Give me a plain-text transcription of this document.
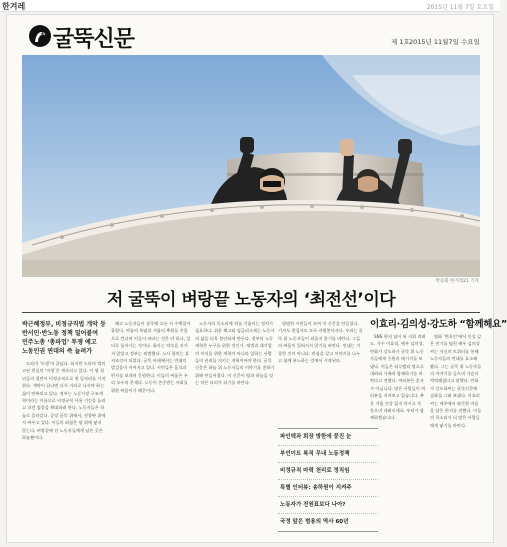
한겨레	2015년 11월 7일 토요일
굴뚝신문	제 1호 2015년 11월7일 수요일
박승화 한겨레21 기자
저 굴뚝이 벼랑끝 노동자의 ‘최전선’이다
박근혜정부, 비정규직법 개악 등
반서민·반노동 정책 밀어붙여
민주노총 ‘총파업’ 투쟁 예고
노동인권 연대의 즉 늘려가

드라마 ‘미생’이 끝났다. 하지만 드라마 밖의 고된 현실의 ‘미생’은 계속되고 있다. 이 땅 청년들의 절반이 비정규직으로 첫 일자리를 시작한다. 계약이 끝나면 다시 거리로 나서야 하는 삶이 반복되고 있다. 정부는 노동시장 구조개혁이라는 이름으로 비정규직 사용 기간을 늘리고 파견 업종을 확대하려 한다. 노동자들은 하늘로 올라갔다. 공장 굴뚝 위에서, 전광판 위에서 싸우고 있다. 이들의 외침은 땅 위에 닿지 않는다. 벼랑끝에 선 노동자들에게 남은 곳은 하늘뿐이다.

해고 노동자들이 굴뚝에 오른 지 수백일이 흘렀다. 여름의 폭염과 겨울의 추위를 온몸으로 견디며 이들이 바라는 것은 단 하나, 일터로 돌아가는 것이다. 회사는 약속을 지키지 않았고 정부는 외면했다. 노사 합의는 휴지조각이 되었다. 굴뚝 아래에서는 연대의 발걸음이 이어지고 있다. 시민들은 음식과 편지를 보내며 응원한다. 이들의 싸움은 우리 모두의 문제다. 노동이 존중받는 사회를 위한 싸움이기 때문이다.

노동자의 목소리에 귀를 기울이는 정치가 필요하다. 쉬운 해고와 임금피크제는 노동자의 삶을 더욱 불안하게 만든다. 정부의 노동개혁은 누구를 위한 것인가. 재벌과 대기업의 이익을 위한 개혁이 아니라 일하는 사람들의 권리를 지키는 개혁이어야 한다. 굴뚝신문은 하늘 위 노동자들의 이야기를 전하기 위해 만들어졌다. 이 신문이 땅과 하늘을 잇는 작은 다리가 되기를 바란다.

평범한 시민들이 모여 이 신문을 만들었다. 기자도 편집자도 모두 자원봉사자다. 우리는 굴뚝 위 노동자들이 외롭지 않기를 바란다. 그들의 싸움이 잊혀지지 않기를 바란다. 연대는 거창한 것이 아니다. 관심을 갖고 이야기를 나누고 함께 분노하는 것에서 시작된다.

파인텍과 회장 방한에 뭉진 눈
부언이트 복직 무내 노동정책
비정규직 마력 천리로 정직임
특별 인터뷰: 송하원이 지켜주
노동자가 전원표보다 나아?
국정 앞은 범용의 역사 60년
이효리·김의성·강도하 “함께해요”

SNS 편지 답이 된 시위 격려도. 가수 이효리, 배우 김의성, 만화가 강도하가 굴뚝 위 노동자들에게 응원의 메시지를 보냈다. 이들은 하루빨리 땅으로 내려와 가족과 함께하기를 바란다고 전했다. 여러분은 혼자가 아닙니다. 많은 사람들이 여러분을 지켜보고 있습니다. 추운 겨울 건강 잃지 마시고 꼭 웃으며 내려오세요. 우리가 함께하겠습니다.

영화 ‘변호인’에서 인상 깊은 연기를 펼친 배우 김의성씨는 자신의 트위터를 통해 노동자들의 연대를 호소해 왔다. 그는 굴뚝 위 노동자들의 이야기를 들으며 가슴이 먹먹해졌다고 말했다. 만화가 강도하씨는 굴뚝신문에 삽화를 그려 보냈다. 이효리씨는 제주에서 따뜻한 마음을 담은 편지를 전했다. 이들의 목소리가 더 많은 사람들에게 닿기를 바란다.
